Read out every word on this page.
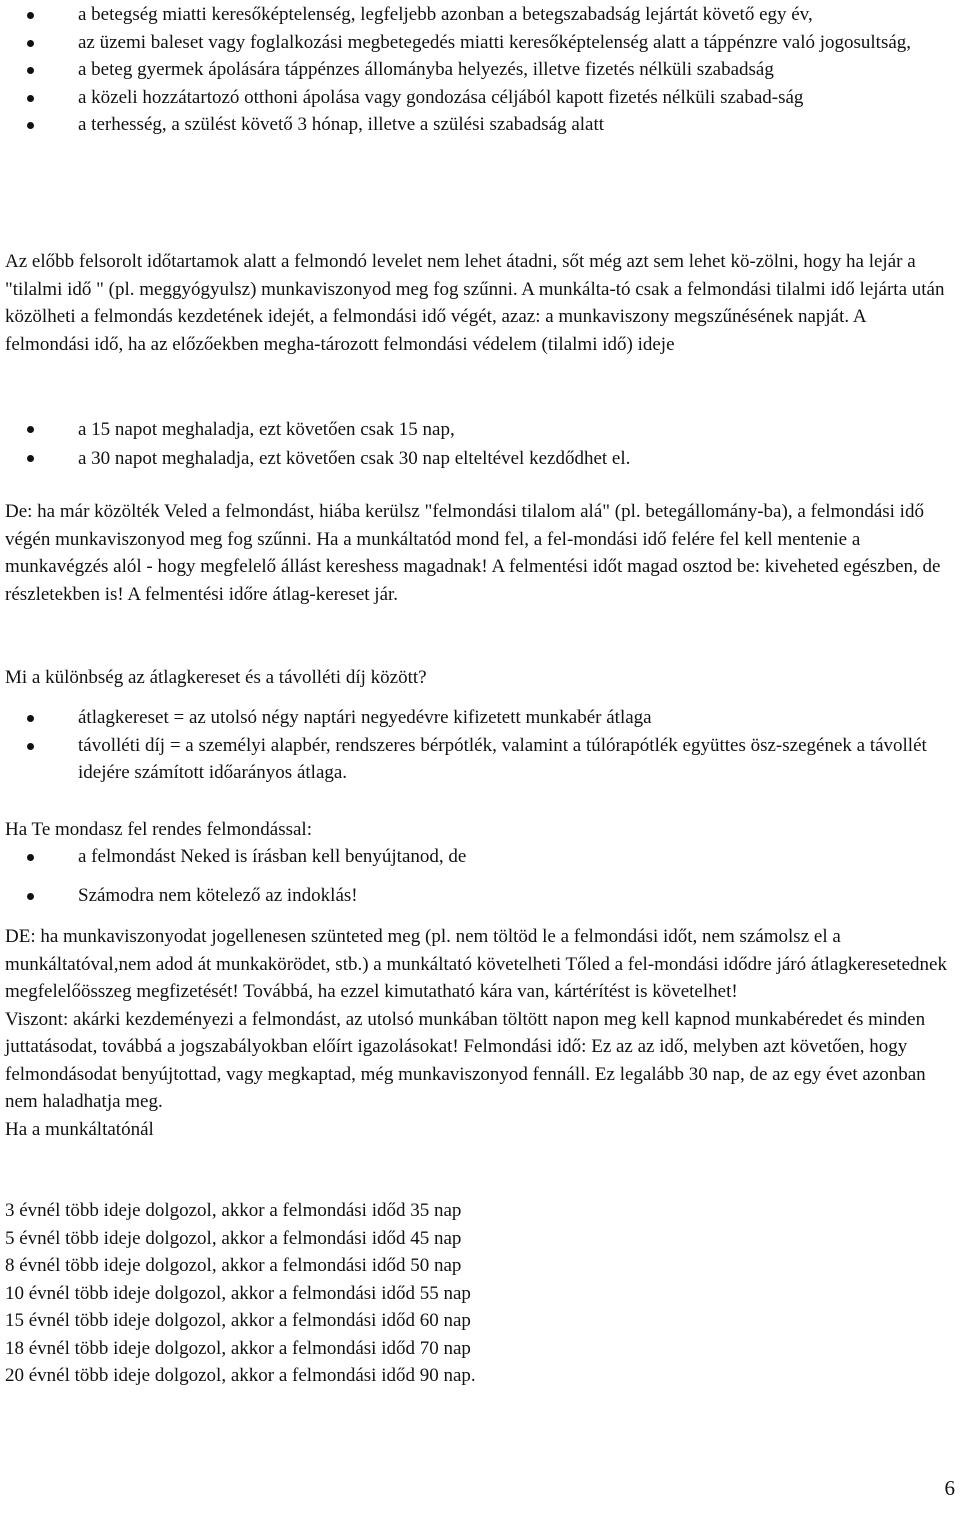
a betegség miatti keresőképtelenség, legfeljebb azonban a betegszabadság lejártát követő egy év,
az üzemi baleset vagy foglalkozási megbetegedés miatti keresőképtelenség alatt a táppénzre való jogosultság,
a beteg gyermek ápolására táppénzes állományba helyezés, illetve fizetés nélküli szabadság
a közeli hozzátartozó otthoni ápolása vagy gondozása céljából kapott fizetés nélküli szabad-ság
a terhesség, a szülést követő 3 hónap, illetve a szülési szabadság alatt

Az előbb felsorolt időtartamok alatt a felmondó levelet nem lehet átadni, sőt még azt sem lehet kö-zölni, hogy ha lejár a "tilalmi idő " (pl. meggyógyulsz) munkaviszonyod meg fog szűnni. A munkálta-tó csak a felmondási tilalmi idő lejárta után közölheti a felmondás kezdetének idejét, a felmondási idő végét, azaz: a munkaviszony megszűnésének napját. A felmondási idő, ha az előzőekben megha-tározott felmondási védelem (tilalmi idő) ideje

a 15 napot meghaladja, ezt követően csak 15 nap,
a 30 napot meghaladja, ezt követően csak 30 nap elteltével kezdődhet el.

De: ha már közölték Veled a felmondást, hiába kerülsz "felmondási tilalom alá" (pl. betegállomány-ba), a felmondási idő végén munkaviszonyod meg fog szűnni. Ha a munkáltatód mond fel, a fel-mondási idő felére fel kell mentenie a munkavégzés alól - hogy megfelelő állást kereshess magadnak! A felmentési időt magad osztod be: kiveheted egészben, de részletekben is! A felmentési időre átlag-kereset jár.

Mi a különbség az átlagkereset és a távolléti díj között?

átlagkereset = az utolsó négy naptári negyedévre kifizetett munkabér átlaga
távolléti díj = a személyi alapbér, rendszeres bérpótlék, valamint a túlórapótlék együttes ösz-szegének a távollét idejére számított időarányos átlaga.

Ha Te mondasz fel rendes felmondással:

a felmondást Neked is írásban kell benyújtanod, de
Számodra nem kötelező az indoklás!

DE: ha munkaviszonyodat jogellenesen szünteted meg (pl. nem töltöd le a felmondási időt, nem számolsz el a munkáltatóval,nem adod át munkakörödet, stb.) a munkáltató követelheti Tőled a fel-mondási idődre járó átlagkeresetednek megfelelőösszeg megfizetését! Továbbá, ha ezzel kimutatható kára van, kártérítést is követelhet!

Viszont: akárki kezdeményezi a felmondást, az utolsó munkában töltött napon meg kell kapnod munkabéredet és minden juttatásodat, továbbá a jogszabályokban előírt igazolásokat! Felmondási idő: Ez az az idő, melyben azt követően, hogy felmondásodat benyújtottad, vagy megkaptad, még munkaviszonyod fennáll. Ez legalább 30 nap, de az egy évet azonban nem haladhatja meg.

Ha a munkáltatónál

3 évnél több ideje dolgozol, akkor a felmondási időd 35 nap

5 évnél több ideje dolgozol, akkor a felmondási időd 45 nap

8 évnél több ideje dolgozol, akkor a felmondási időd 50 nap

10 évnél több ideje dolgozol, akkor a felmondási időd 55 nap

15 évnél több ideje dolgozol, akkor a felmondási időd 60 nap

18 évnél több ideje dolgozol, akkor a felmondási időd 70 nap

20 évnél több ideje dolgozol, akkor a felmondási időd 90 nap.

6
